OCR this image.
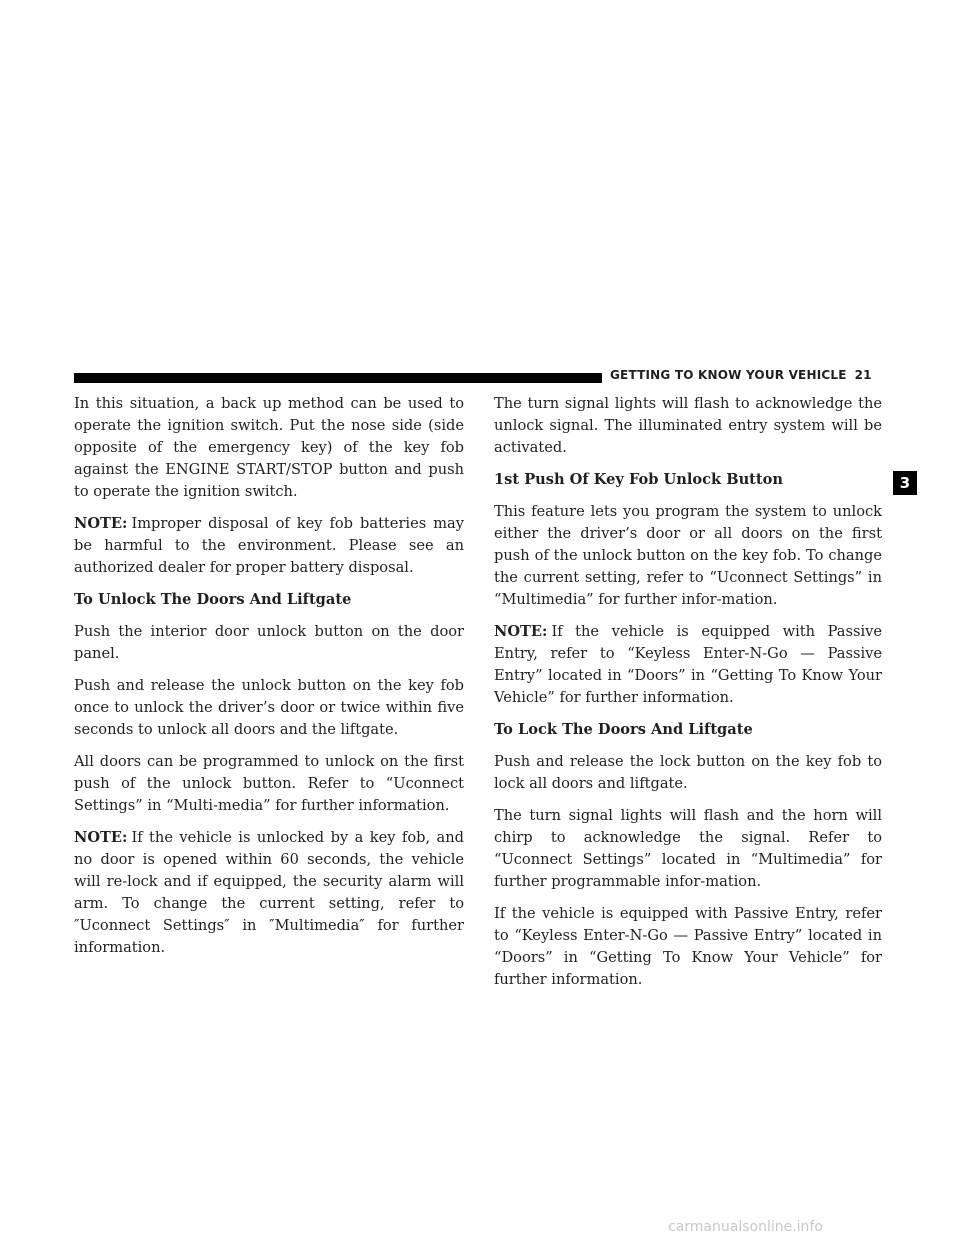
GETTING TO KNOW YOUR VEHICLE 21
3

In this situation, a back up method can be used to operate the ignition switch. Put the nose side (side opposite of the emergency key) of the key fob against the ENGINE START/STOP button and push to operate the ignition switch.

NOTE: Improper disposal of key fob batteries may be harmful to the environment. Please see an authorized dealer for proper battery disposal.

To Unlock The Doors And Liftgate

Push the interior door unlock button on the door panel.

Push and release the unlock button on the key fob once to unlock the driver’s door or twice within five seconds to unlock all doors and the liftgate.

All doors can be programmed to unlock on the first push of the unlock button. Refer to “Uconnect Settings” in “Multi-media” for further information.

NOTE: If the vehicle is unlocked by a key fob, and no door is opened within 60 seconds, the vehicle will re-lock and if equipped, the security alarm will arm. To change the current setting, refer to ″Uconnect Settings″ in ″Multimedia″ for further information.

The turn signal lights will flash to acknowledge the unlock signal. The illuminated entry system will be activated.

1st Push Of Key Fob Unlock Button

This feature lets you program the system to unlock either the driver’s door or all doors on the first push of the unlock button on the key fob. To change the current setting, refer to “Uconnect Settings” in “Multimedia” for further infor-mation.

NOTE: If the vehicle is equipped with Passive Entry, refer to “Keyless Enter-N-Go — Passive Entry” located in “Doors” in “Getting To Know Your Vehicle” for further information.

To Lock The Doors And Liftgate

Push and release the lock button on the key fob to lock all doors and liftgate.

The turn signal lights will flash and the horn will chirp to acknowledge the signal. Refer to “Uconnect Settings” located in “Multimedia” for further programmable infor-mation.

If the vehicle is equipped with Passive Entry, refer to “Keyless Enter-N-Go — Passive Entry” located in “Doors” in “Getting To Know Your Vehicle” for further information.

carmanualsonline.info
